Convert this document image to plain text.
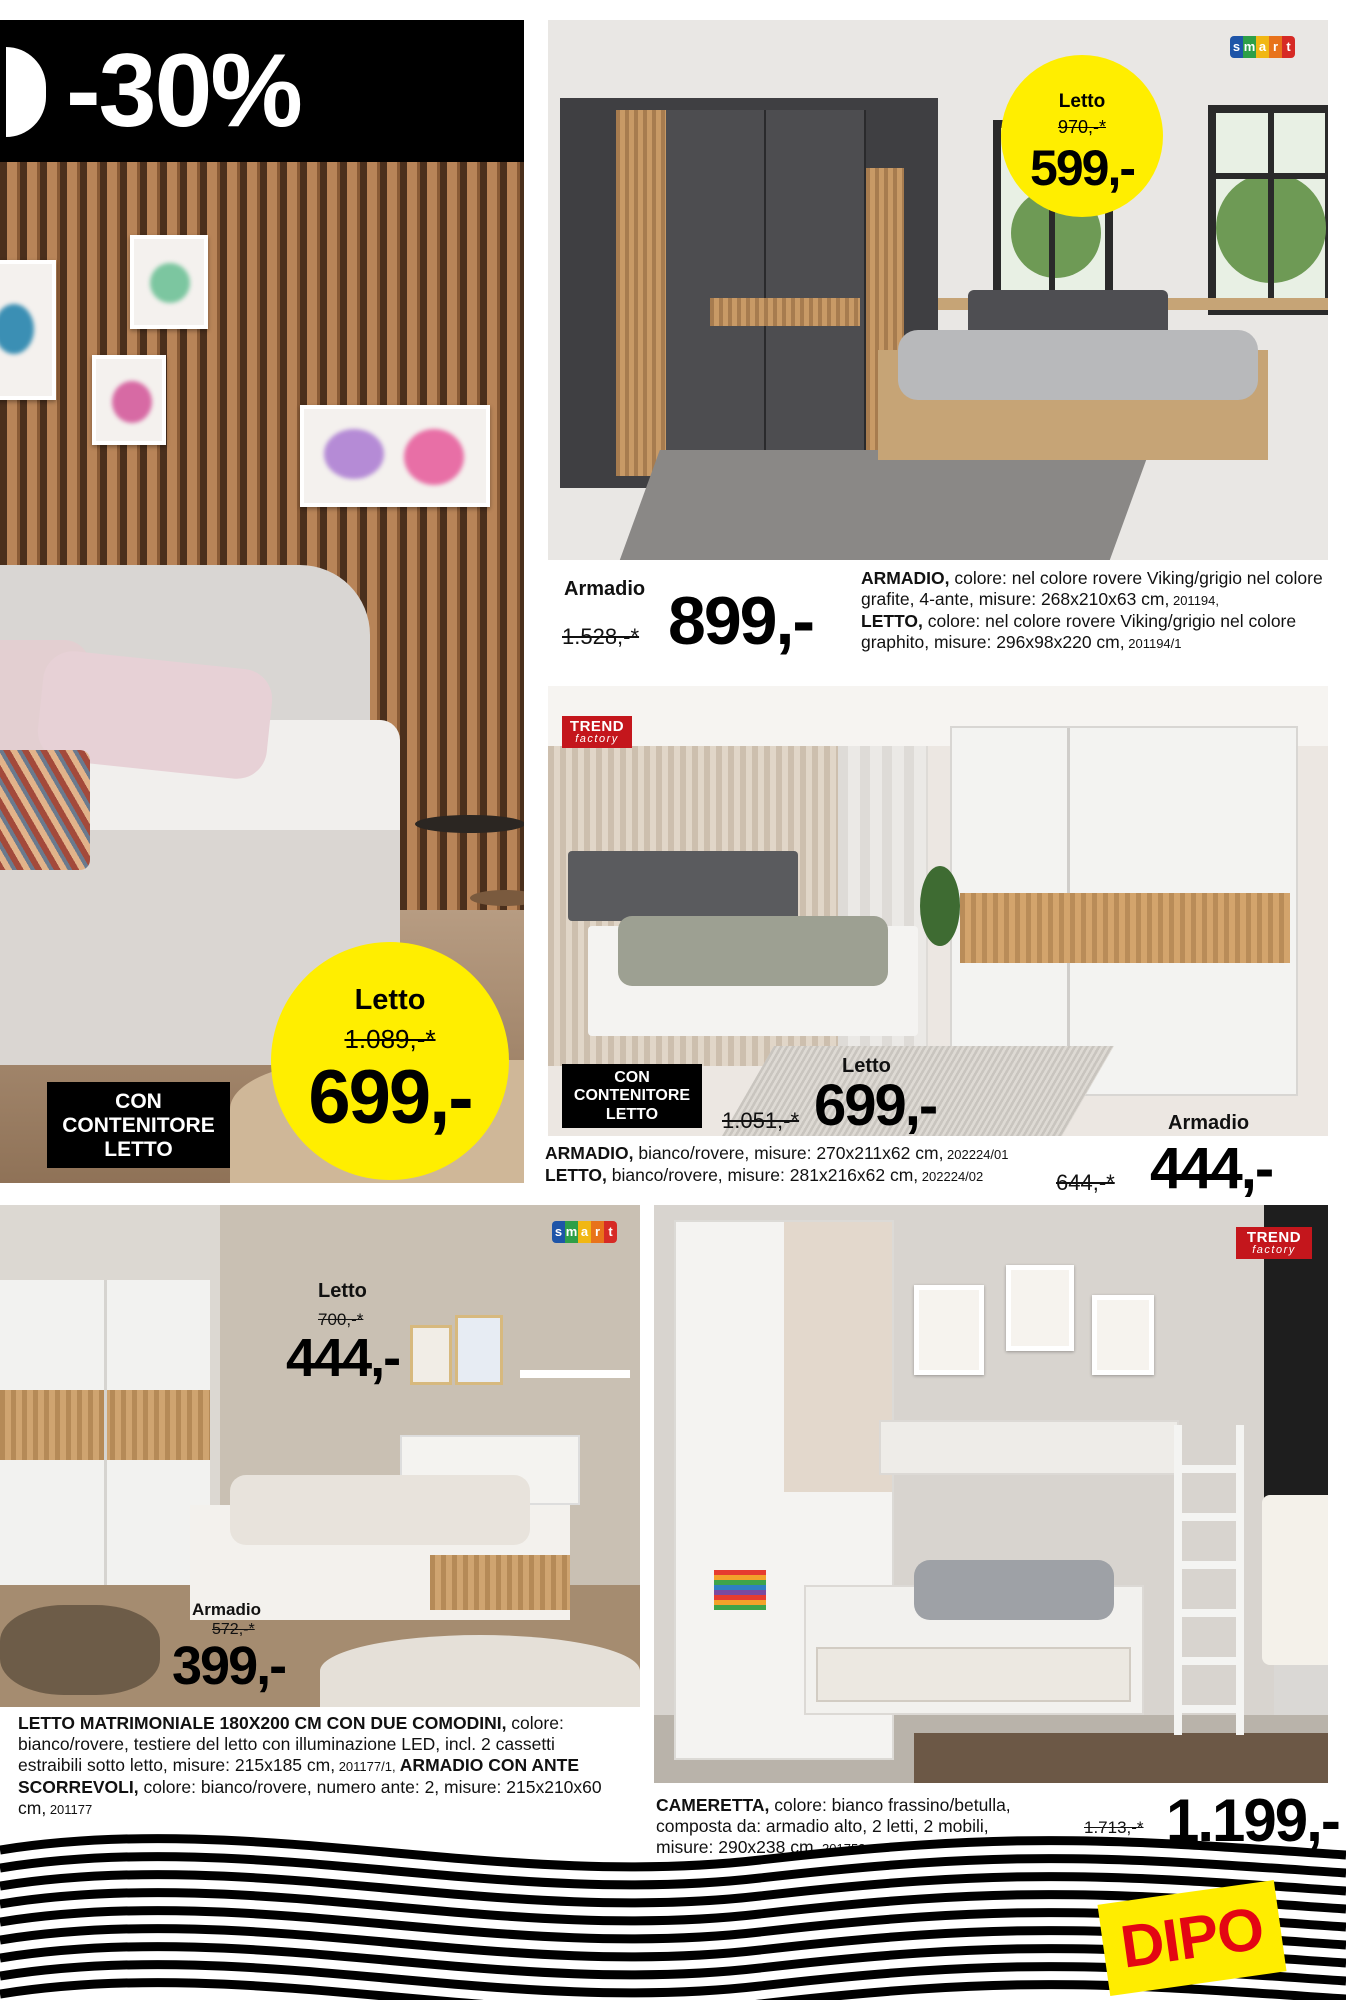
-30%
CON
CONTENITORE
LETTO
Letto
1.089,-*
699,-
s m a r t
Letto
970,-*
599,-
Armadio
1.528,-* 899,-
ARMADIO, colore: nel colore rovere Viking/grigio nel colore grafite, 4-ante, misure: 268x210x63 cm, 201194,
LETTO, colore: nel colore rovere Viking/grigio nel colore graphito, misure: 296x98x220 cm, 201194/1
TREND
factory
CON
CONTENITORE
LETTO
Letto
1.051,-* 699,-	Armadio
644,-* 444,-
ARMADIO, bianco/rovere, misure: 270x211x62 cm, 202224/01
LETTO, bianco/rovere, misure: 281x216x62 cm, 202224/02
s m a r t
Letto
700,-*
444,-
Armadio
572,-*
399,-
LETTO MATRIMONIALE 180X200 CM CON DUE COMODINI, colore: bianco/rovere, testiere del letto con illuminazione LED, incl. 2 cassetti estraibili sotto letto, misure: 215x185 cm, 201177/1, ARMADIO CON ANTE SCORREVOLI, colore: bianco/rovere, numero ante: 2, misure: 215x210x60 cm, 201177
TREND
factory
CAMERETTA, colore: bianco frassino/betulla, composta da: armadio alto, 2 letti, 2 mobili, misure: 290x238 cm, 201753
1.713,-* 1.199,-
DIPO
